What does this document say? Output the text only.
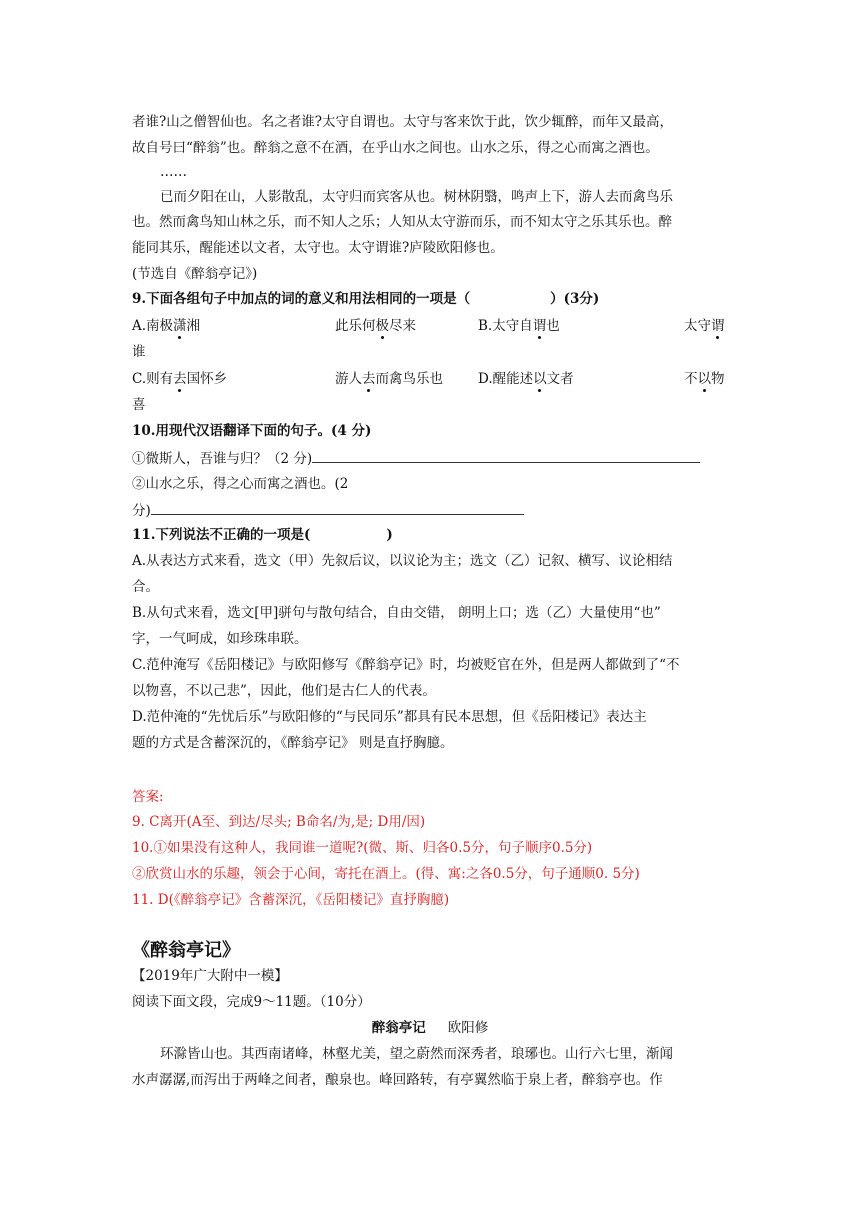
者谁?山之僧智仙也。名之者谁?太守自谓也。太守与客来饮于此，饮少辄醉，而年又最高，
故自号曰“醉翁”也。醉翁之意不在酒，在乎山水之间也。山水之乐，得之心而寓之酒也。
……
已而夕阳在山，人影散乱，太守归而宾客从也。树林阴翳，鸣声上下，游人去而禽鸟乐
也。然而禽鸟知山林之乐，而不知人之乐；人知从太守游而乐，而不知太守之乐其乐也。醉
能同其乐，醒能述以文者，太守也。太守谓谁?庐陵欧阳修也。
(节选自《醉翁亭记》)
9.下面各组句子中加点的词的意义和用法相同的一项是（	）(3分)
A.南极潇湘	此乐何极尽来	B.太守自谓也	太守谓
谁
C.则有去国怀乡	游人去而禽鸟乐也	D.醒能述以文者	不以物
喜
10.用现代汉语翻译下面的句子。(4 分)
①微斯人，吾谁与归？（2 分)
②山水之乐，得之心而寓之酒也。(2
分)
11.下列说法不正确的一项是(	)
A.从表达方式来看，选文（甲）先叙后议，以议论为主；选文（乙）记叙、横写、议论相结
合。
B.从句式来看，选文[甲]骈句与散句结合，自由交错， 朗明上口；选（乙）大量使用“也”
字，一气呵成，如珍珠串联。
C.范仲淹写《岳阳楼记》与欧阳修写《醉翁亭记》时，均被贬官在外，但是两人都做到了“不
以物喜，不以己悲”，因此，他们是古仁人的代表。
D.范仲淹的“先忧后乐”与欧阳修的“与民同乐”都具有民本思想，但《岳阳楼记》表达主
题的方式是含蓄深沉的，《醉翁亭记》 则是直抒胸臆。
答案:
9. C离开(A至、到达/尽头; B命名/为,是; D用/因)
10.①如果没有这种人，我同谁一道呢?(微、斯、归各0.5分，句子顺序0.5分)
②欣赏山水的乐趣，领会于心间，寄托在酒上。(得、寓:之各0.5分，句子通顺0. 5分)
11. D(《醉翁亭记》含蓄深沉，《岳阳楼记》直抒胸臆)
《醉翁亭记》
【2019年广大附中一模】
阅读下面文段，完成9～11题。（10分）
醉翁亭记 欧阳修
环滁皆山也。其西南诸峰，林壑尤美，望之蔚然而深秀者，琅琊也。山行六七里，渐闻
水声潺潺,而泻出于两峰之间者，酿泉也。峰回路转，有亭翼然临于泉上者，醉翁亭也。作
